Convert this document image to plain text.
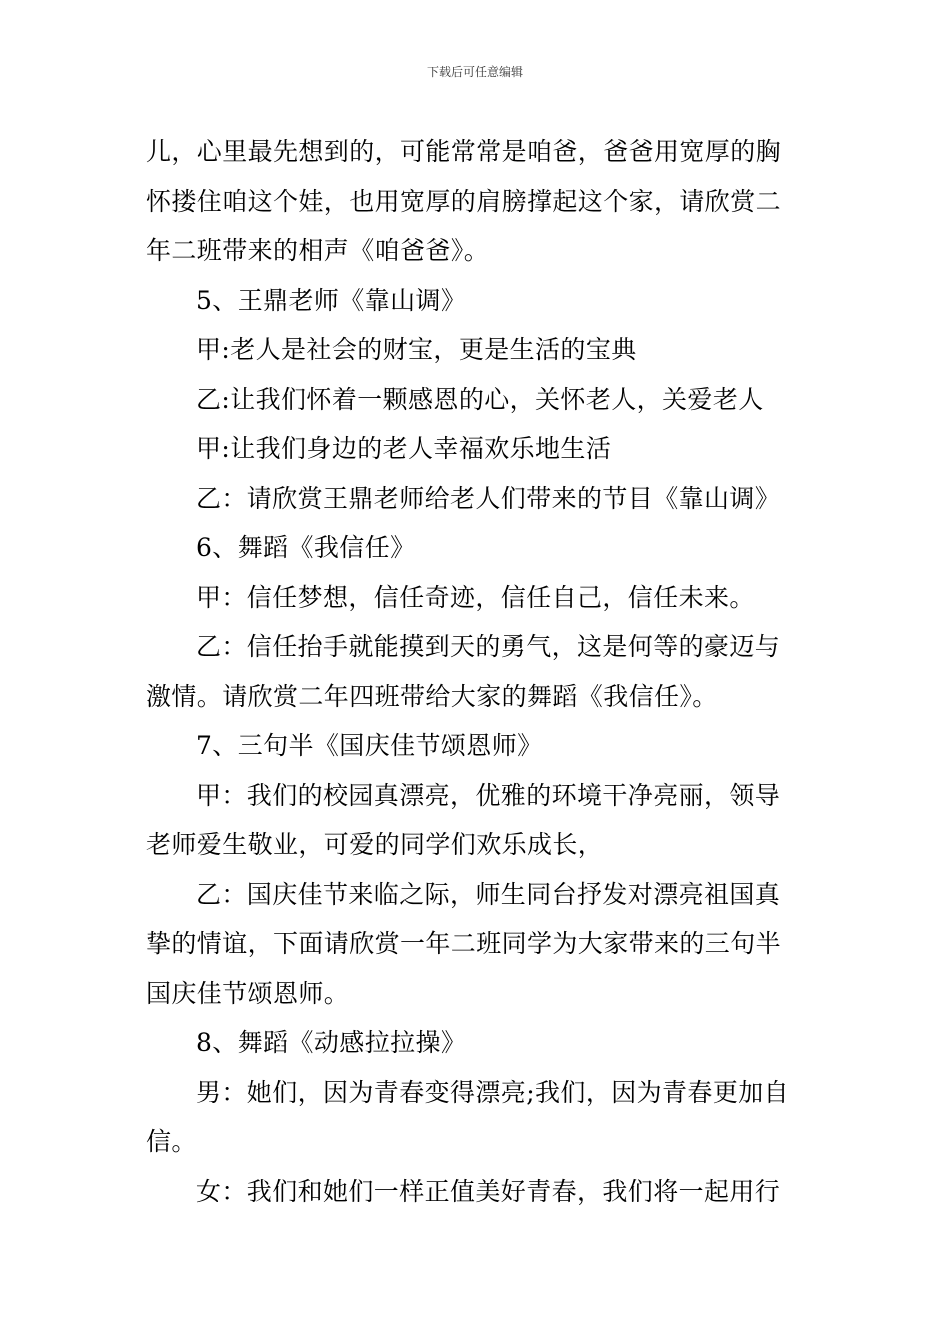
下载后可任意编辑
儿，心里最先想到的，可能常常是咱爸，爸爸用宽厚的胸
怀搂住咱这个娃，也用宽厚的肩膀撑起这个家，请欣赏二
年二班带来的相声《咱爸爸》。
5、王鼎老师《靠山调》
甲:老人是社会的财宝，更是生活的宝典
乙:让我们怀着一颗感恩的心，关怀老人，关爱老人
甲:让我们身边的老人幸福欢乐地生活
乙：请欣赏王鼎老师给老人们带来的节目《靠山调》
6、舞蹈《我信任》
甲：信任梦想，信任奇迹，信任自己，信任未来。
乙：信任抬手就能摸到天的勇气，这是何等的豪迈与
激情。请欣赏二年四班带给大家的舞蹈《我信任》。
7、三句半《国庆佳节颂恩师》
甲：我们的校园真漂亮，优雅的环境干净亮丽，领导
老师爱生敬业，可爱的同学们欢乐成长，
乙：国庆佳节来临之际，师生同台抒发对漂亮祖国真
挚的情谊，下面请欣赏一年二班同学为大家带来的三句半
国庆佳节颂恩师。
8、舞蹈《动感拉拉操》
男：她们，因为青春变得漂亮;我们，因为青春更加自
信。
女：我们和她们一样正值美好青春，我们将一起用行
